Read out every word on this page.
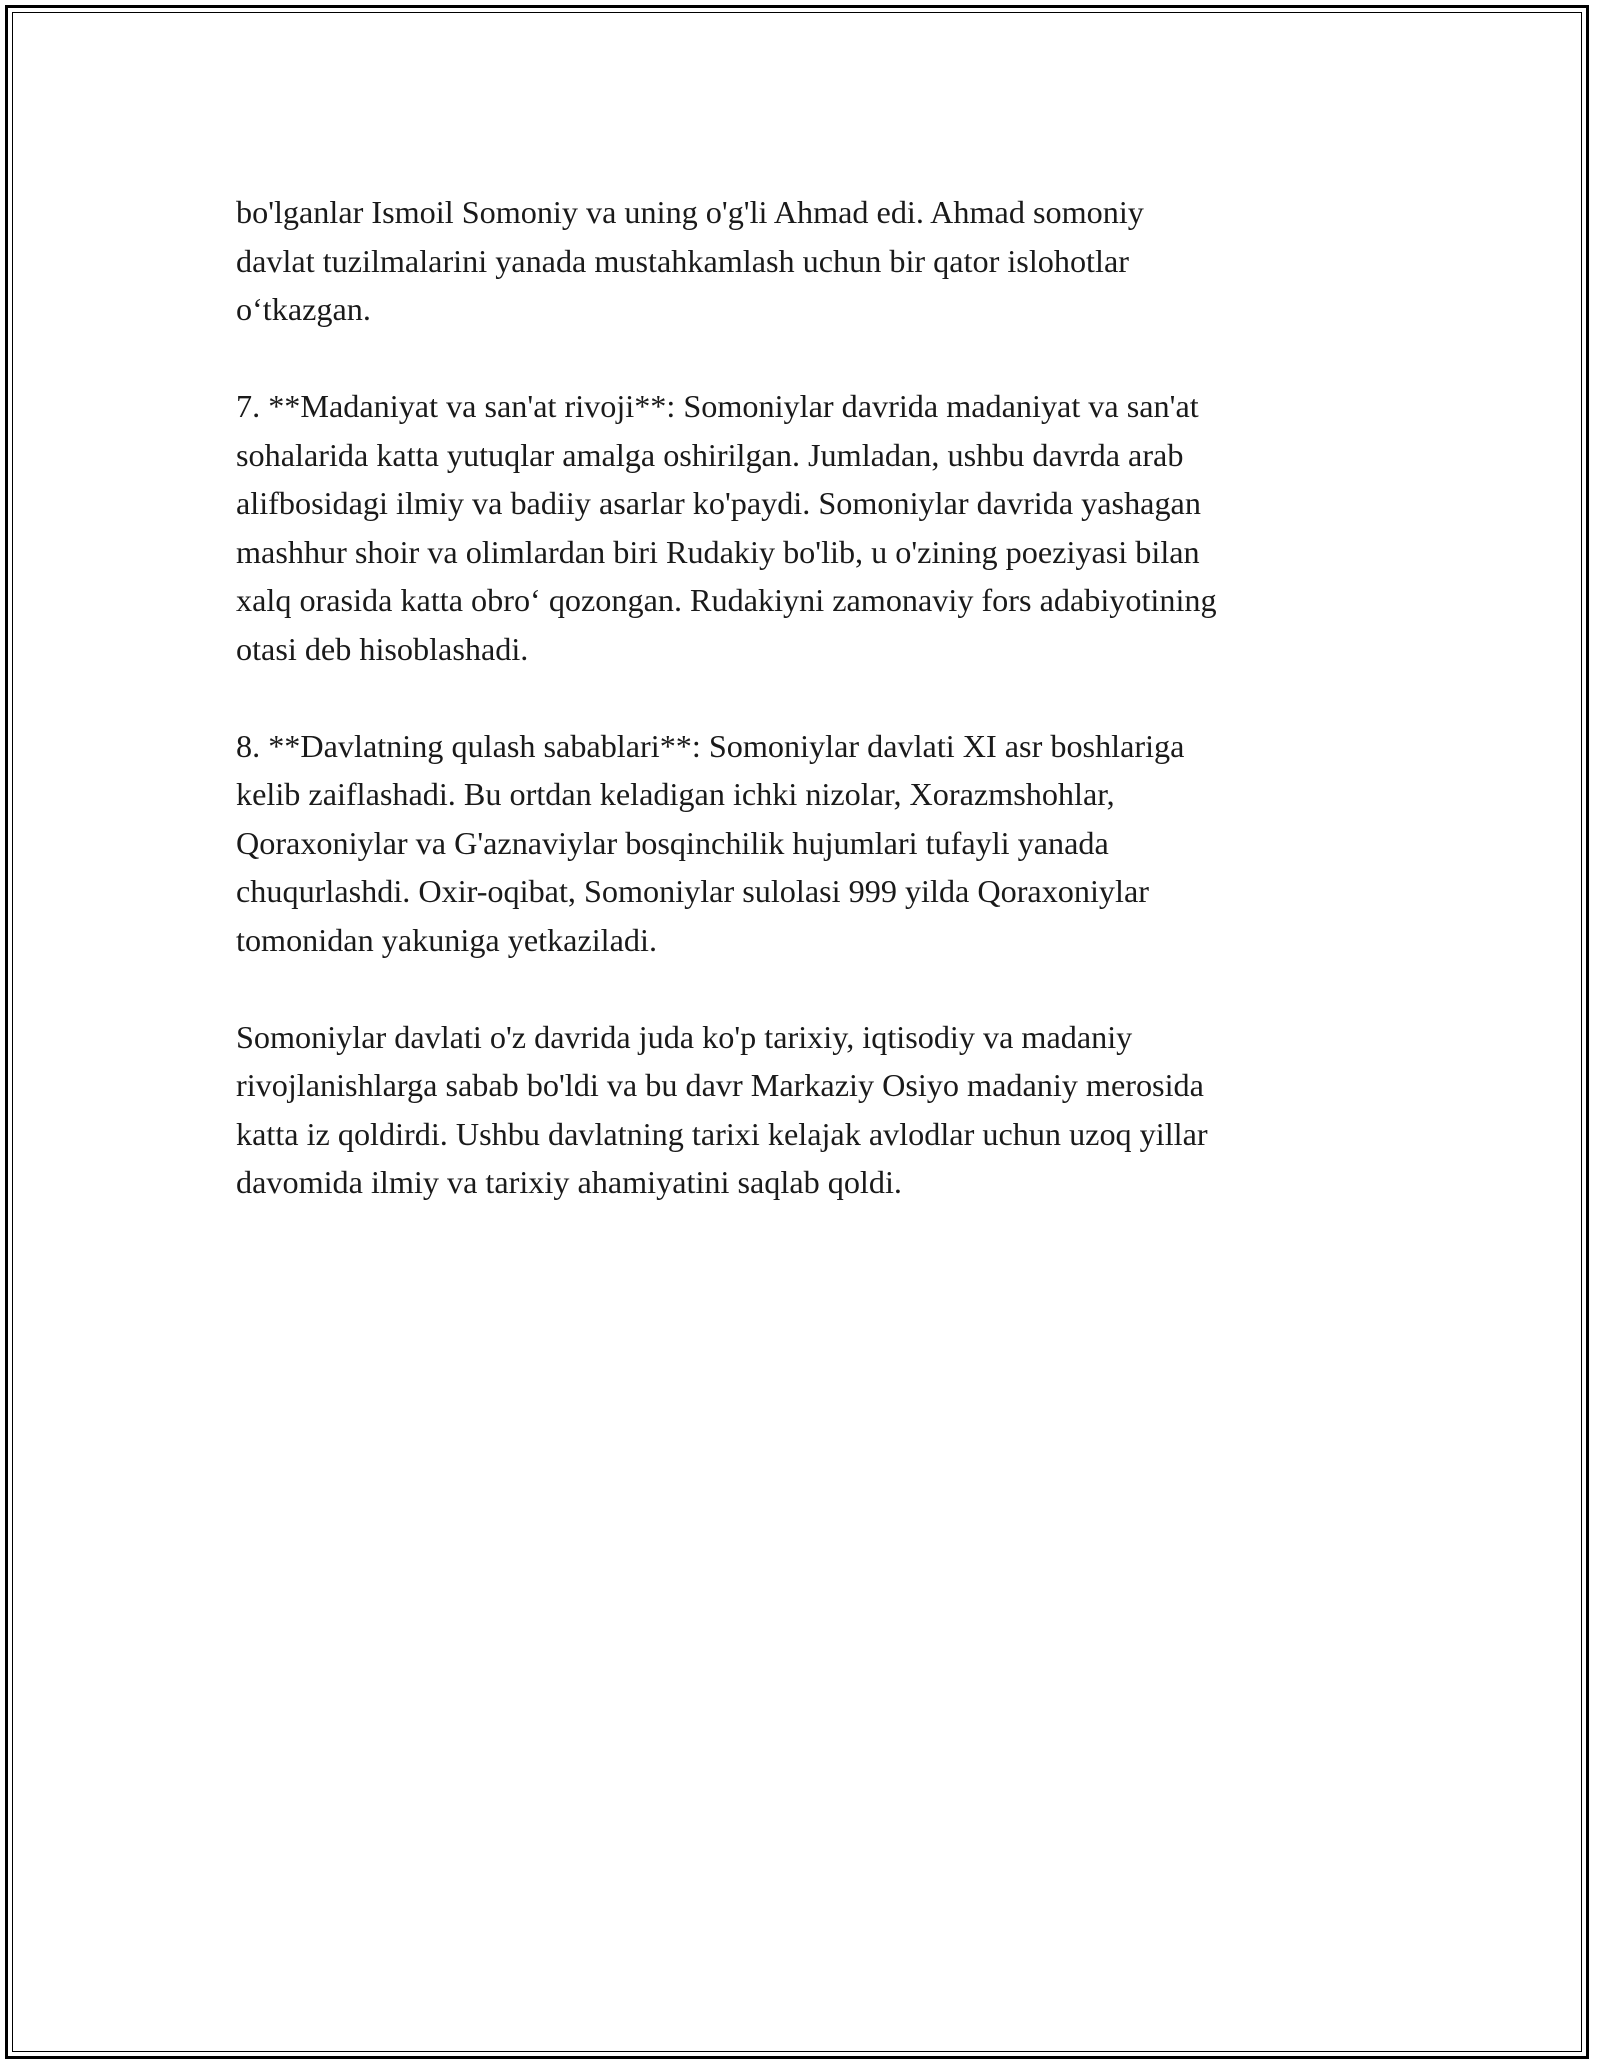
bo'lganlar Ismoil Somoniy va uning o'g'li Ahmad edi. Ahmad somoniy
davlat tuzilmalarini yanada mustahkamlash uchun bir qator islohotlar
o‘tkazgan.

7. **Madaniyat va san'at rivoji**: Somoniylar davrida madaniyat va san'at
sohalarida katta yutuqlar amalga oshirilgan. Jumladan, ushbu davrda arab
alifbosidagi ilmiy va badiiy asarlar ko'paydi. Somoniylar davrida yashagan
mashhur shoir va olimlardan biri Rudakiy bo'lib, u o'zining poeziyasi bilan
xalq orasida katta obro‘ qozongan. Rudakiyni zamonaviy fors adabiyotining
otasi deb hisoblashadi.

8. **Davlatning qulash sabablari**: Somoniylar davlati XI asr boshlariga
kelib zaiflashadi. Bu ortdan keladigan ichki nizolar, Xorazmshohlar,
Qoraxoniylar va G'aznaviylar bosqinchilik hujumlari tufayli yanada
chuqurlashdi. Oxir-oqibat, Somoniylar sulolasi 999 yilda Qoraxoniylar
tomonidan yakuniga yetkaziladi.

Somoniylar davlati o'z davrida juda ko'p tarixiy, iqtisodiy va madaniy
rivojlanishlarga sabab bo'ldi va bu davr Markaziy Osiyo madaniy merosida
katta iz qoldirdi. Ushbu davlatning tarixi kelajak avlodlar uchun uzoq yillar
davomida ilmiy va tarixiy ahamiyatini saqlab qoldi.
